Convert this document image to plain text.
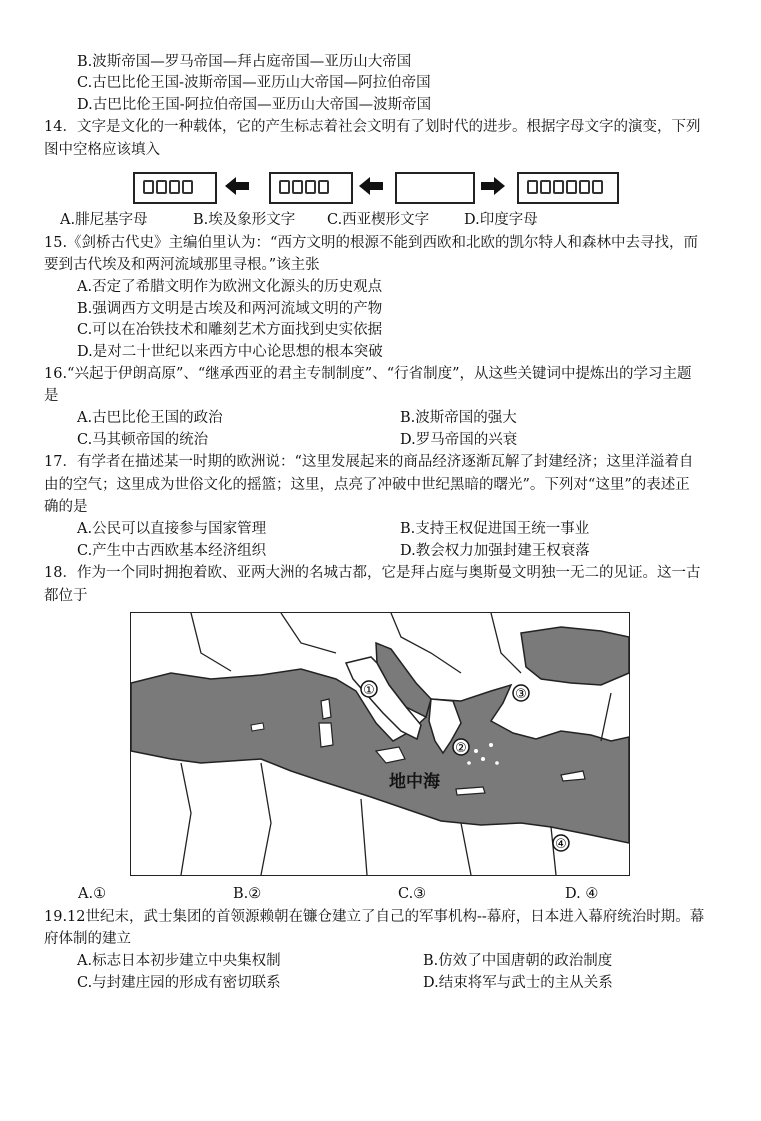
B.波斯帝国—罗马帝国—拜占庭帝国—亚历山大帝国
C.古巴比伦王国-波斯帝国—亚历山大帝国—阿拉伯帝国
D.古巴比伦王国-阿拉伯帝国—亚历山大帝国—波斯帝国
14．文字是文化的一种载体，它的产生标志着社会文明有了划时代的进步。根据字母文字的演变，下列
图中空格应该填入
A.腓尼基字母	B.埃及象形文字 C.西亚楔形文字 D.印度字母
15.《剑桥古代史》主编伯里认为：“西方文明的根源不能到西欧和北欧的凯尔特人和森林中去寻找，而
要到古代埃及和两河流域那里寻根。”该主张
A.否定了希腊文明作为欧洲文化源头的历史观点
B.强调西方文明是古埃及和两河流域文明的产物
C.可以在冶铁技术和雕刻艺术方面找到史实依据
D.是对二十世纪以来西方中心论思想的根本突破
16.“兴起于伊朗高原”、“继承西亚的君主专制制度”、“行省制度”，从这些关键词中提炼出的学习主题
是
A.古巴比伦王国的政治	B.波斯帝国的强大
C.马其顿帝国的统治	D.罗马帝国的兴衰
17．有学者在描述某一时期的欧洲说：“这里发展起来的商品经济逐渐瓦解了封建经济；这里洋溢着自
由的空气；这里成为世俗文化的摇篮；这里，点亮了冲破中世纪黑暗的曙光”。下列对“这里”的表述正
确的是
A.公民可以直接参与国家管理	B.支持王权促进国王统一事业
C.产生中古西欧基本经济组织	D.教会权力加强封建王权衰落
18．作为一个同时拥抱着欧、亚两大洲的名城古都，它是拜占庭与奥斯曼文明独一无二的见证。这一古
都位于
①
②
③
④
地中海
A.①	B.②	C.③	D. ④
19.12世纪末，武士集团的首领源赖朝在镰仓建立了自己的军事机构--幕府，日本进入幕府统治时期。幕
府体制的建立
A.标志日本初步建立中央集权制	B.仿效了中国唐朝的政治制度
C.与封建庄园的形成有密切联系	D.结束将军与武士的主从关系
